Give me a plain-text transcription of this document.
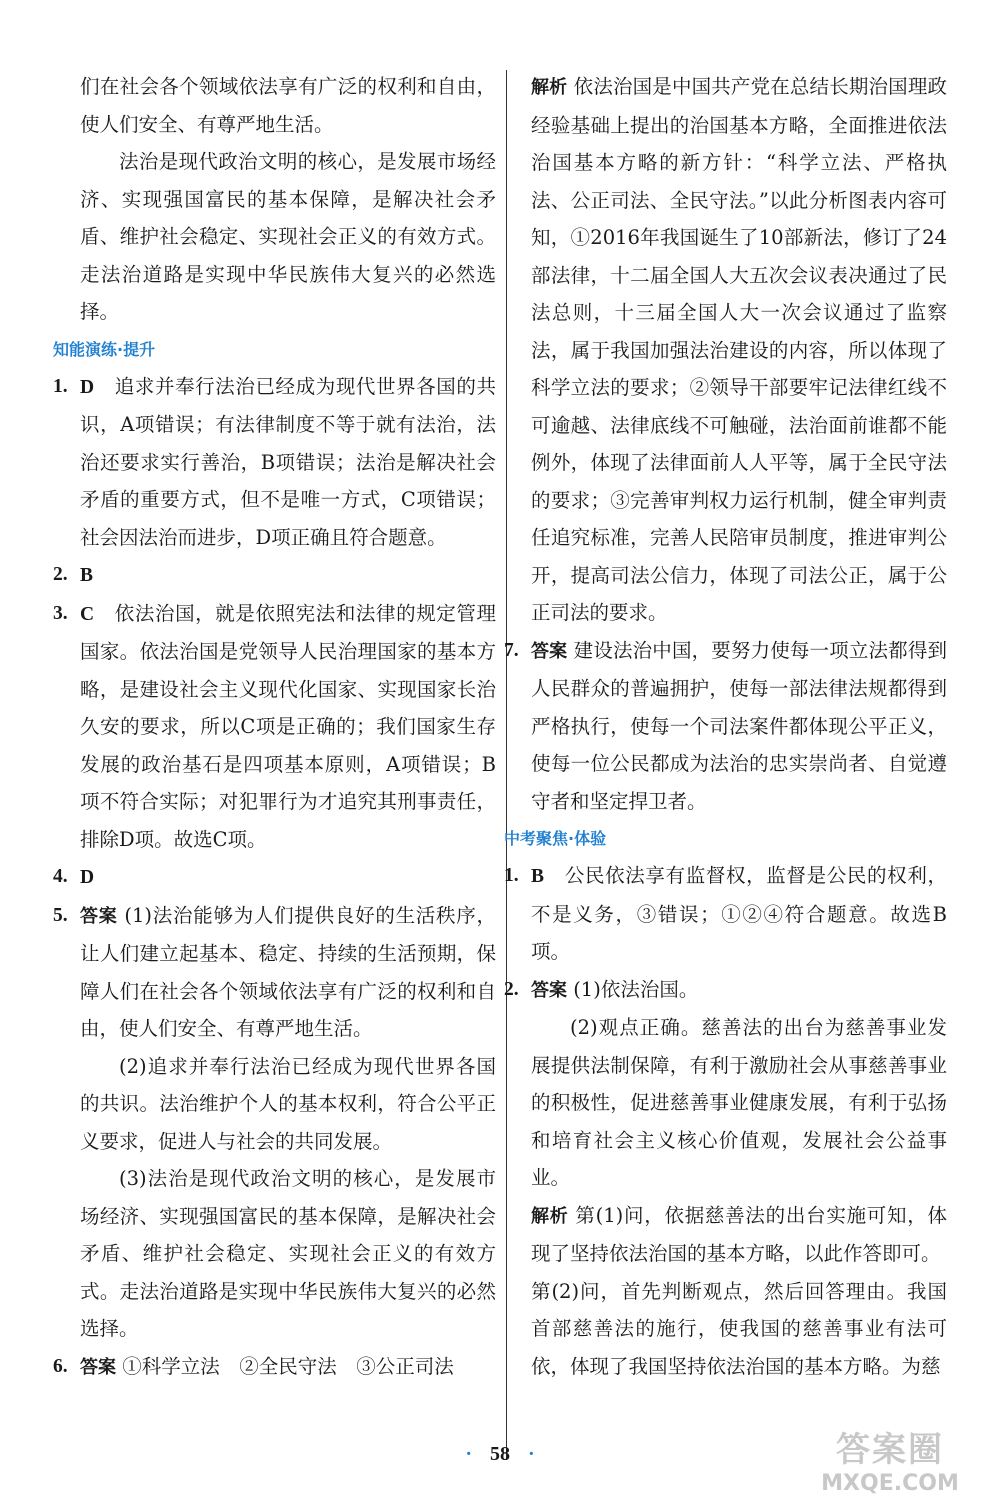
们在社会各个领域依法享有广泛的权利和自由，使人们安全、有尊严地生活。

法治是现代政治文明的核心，是发展市场经济、实现强国富民的基本保障，是解决社会矛盾、维护社会稳定、实现社会正义的有效方式。走法治道路是实现中华民族伟大复兴的必然选择。

知能演练·提升
1. D　 追求并奉行法治已经成为现代世界各国的共识，A项错误；有法律制度不等于就有法治，法治还要求实行善治，B项错误；法治是解决社会矛盾的重要方式，但不是唯一方式，C项错误；社会因法治而进步，D项正确且符合题意。

2. B

3. C　 依法治国，就是依照宪法和法律的规定管理国家。依法治国是党领导人民治理国家的基本方略，是建设社会主义现代化国家、实现国家长治久安的要求，所以C项是正确的；我们国家生存发展的政治基石是四项基本原则，A项错误；B项不符合实际；对犯罪行为才追究其刑事责任，排除D项。故选C项。

4. D

5. 答案 (1)法治能够为人们提供良好的生活秩序，让人们建立起基本、稳定、持续的生活预期，保障人们在社会各个领域依法享有广泛的权利和自由，使人们安全、有尊严地生活。

(2)追求并奉行法治已经成为现代世界各国的共识。法治维护个人的基本权利，符合公平正义要求，促进人与社会的共同发展。

(3)法治是现代政治文明的核心，是发展市场经济、实现强国富民的基本保障，是解决社会矛盾、维护社会稳定、实现社会正义的有效方式。走法治道路是实现中华民族伟大复兴的必然选择。

6. 答案 ①科学立法　②全民守法　③公正司法

解析 依法治国是中国共产党在总结长期治国理政经验基础上提出的治国基本方略，全面推进依法治国基本方略的新方针：“科学立法、严格执法、公正司法、全民守法。”以此分析图表内容可知，①2016年我国诞生了10部新法，修订了24部法律，十二届全国人大五次会议表决通过了民法总则，十三届全国人大一次会议通过了监察法，属于我国加强法治建设的内容，所以体现了科学立法的要求；②领导干部要牢记法律红线不可逾越、法律底线不可触碰，法治面前谁都不能例外，体现了法律面前人人平等，属于全民守法的要求；③完善审判权力运行机制，健全审判责任追究标准，完善人民陪审员制度，推进审判公开，提高司法公信力，体现了司法公正，属于公正司法的要求。

7. 答案 建设法治中国，要努力使每一项立法都得到人民群众的普遍拥护，使每一部法律法规都得到严格执行，使每一个司法案件都体现公平正义，使每一位公民都成为法治的忠实崇尚者、自觉遵守者和坚定捍卫者。

中考聚焦·体验
1. B　 公民依法享有监督权，监督是公民的权利，不是义务，③错误；①②④符合题意。故选B项。

2. 答案 (1)依法治国。

(2)观点正确。慈善法的出台为慈善事业发展提供法制保障，有利于激励社会从事慈善事业的积极性，促进慈善事业健康发展，有利于弘扬和培育社会主义核心价值观，发展社会公益事业。

解析 第(1)问，依据慈善法的出台实施可知，体现了坚持依法治国的基本方略，以此作答即可。

第(2)问，首先判断观点，然后回答理由。我国首部慈善法的施行，使我国的慈善事业有法可依，体现了我国坚持依法治国的基本方略。为慈

· 58 ·	答案圈
MXQE.COM
